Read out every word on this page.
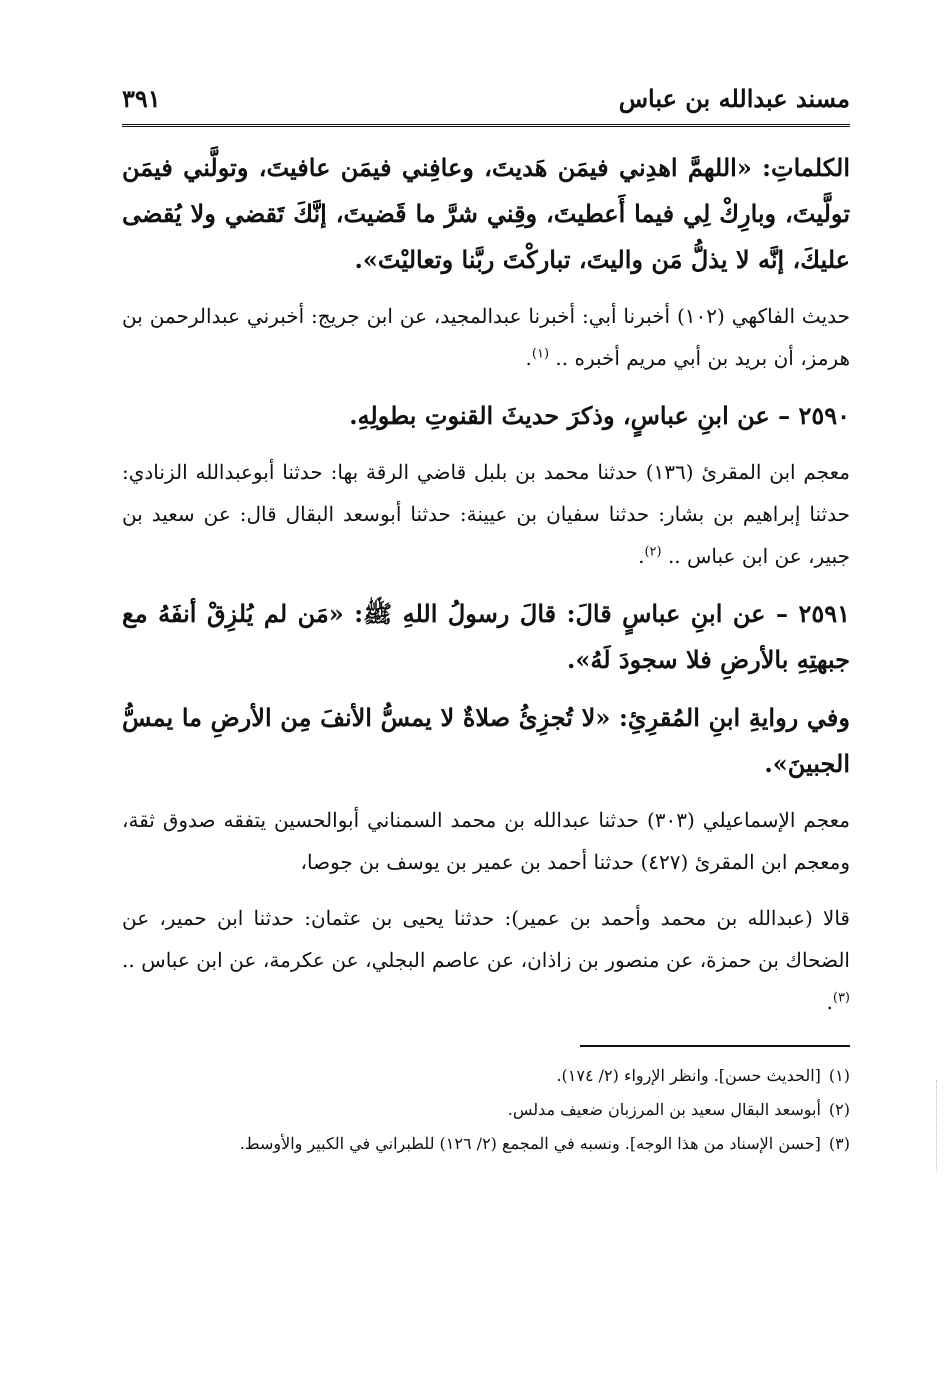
مسند عبدالله بن عباس
٣٩١

الكلماتِ: «اللهمَّ اهدِني فيمَن هَديتَ، وعافِني فيمَن عافيتَ، وتولَّني فيمَن تولَّيتَ، وبارِكْ لِي فيما أَعطيتَ، وقِني شرَّ ما قَضيتَ، إنَّكَ تَقضي ولا يُقضى عليكَ، إنَّه لا يذلُّ مَن واليتَ، تباركْتَ ربَّنا وتعاليْتَ».

حديث الفاكهي (١٠٢) أخبرنا أبي: أخبرنا عبدالمجيد، عن ابن جريج: أخبرني عبدالرحمن بن هرمز، أن بريد بن أبي مريم أخبره .. $^{(١)}$.

٢٥٩٠ – عن ابنِ عباسٍ، وذكرَ حديثَ القنوتِ بطولِهِ.

معجم ابن المقرئ (١٣٦) حدثنا محمد بن بلبل قاضي الرقة بها: حدثنا أبوعبدالله الزنادي: حدثنا إبراهيم بن بشار: حدثنا سفيان بن عيينة: حدثنا أبوسعد البقال قال: عن سعيد بن جبير، عن ابن عباس .. $^{(٢)}$.

٢٥٩١ – عن ابنِ عباسٍ قالَ: قالَ رسولُ اللهِ ﷺ: «مَن لم يُلزِقْ أنفَهُ مع جبهتِهِ بالأرضِ فلا سجودَ لَهُ».

وفي روايةِ ابنِ المُقرِئِ: «لا تُجزِئُ صلاةٌ لا يمسُّ الأنفَ مِن الأرضِ ما يمسُّ الجبينَ».

معجم الإسماعيلي (٣٠٣) حدثنا عبدالله بن محمد السمناني أبوالحسين يتفقه صدوق ثقة، ومعجم ابن المقرئ (٤٢٧) حدثنا أحمد بن عمير بن يوسف بن جوصا،

قالا (عبدالله بن محمد وأحمد بن عمير): حدثنا يحيى بن عثمان: حدثنا ابن حمير، عن الضحاك بن حمزة، عن منصور بن زاذان، عن عاصم البجلي، عن عكرمة، عن ابن عباس .. $^{(٣)}$.

(١)[الحديث حسن]. وانظر الإرواء (٢/ ١٧٤).

(٢)أبوسعد البقال سعيد بن المرزبان ضعيف مدلس.

(٣)[حسن الإسناد من هذا الوجه]. ونسبه في المجمع (٢/ ١٢٦) للطبراني في الكبير والأوسط.
